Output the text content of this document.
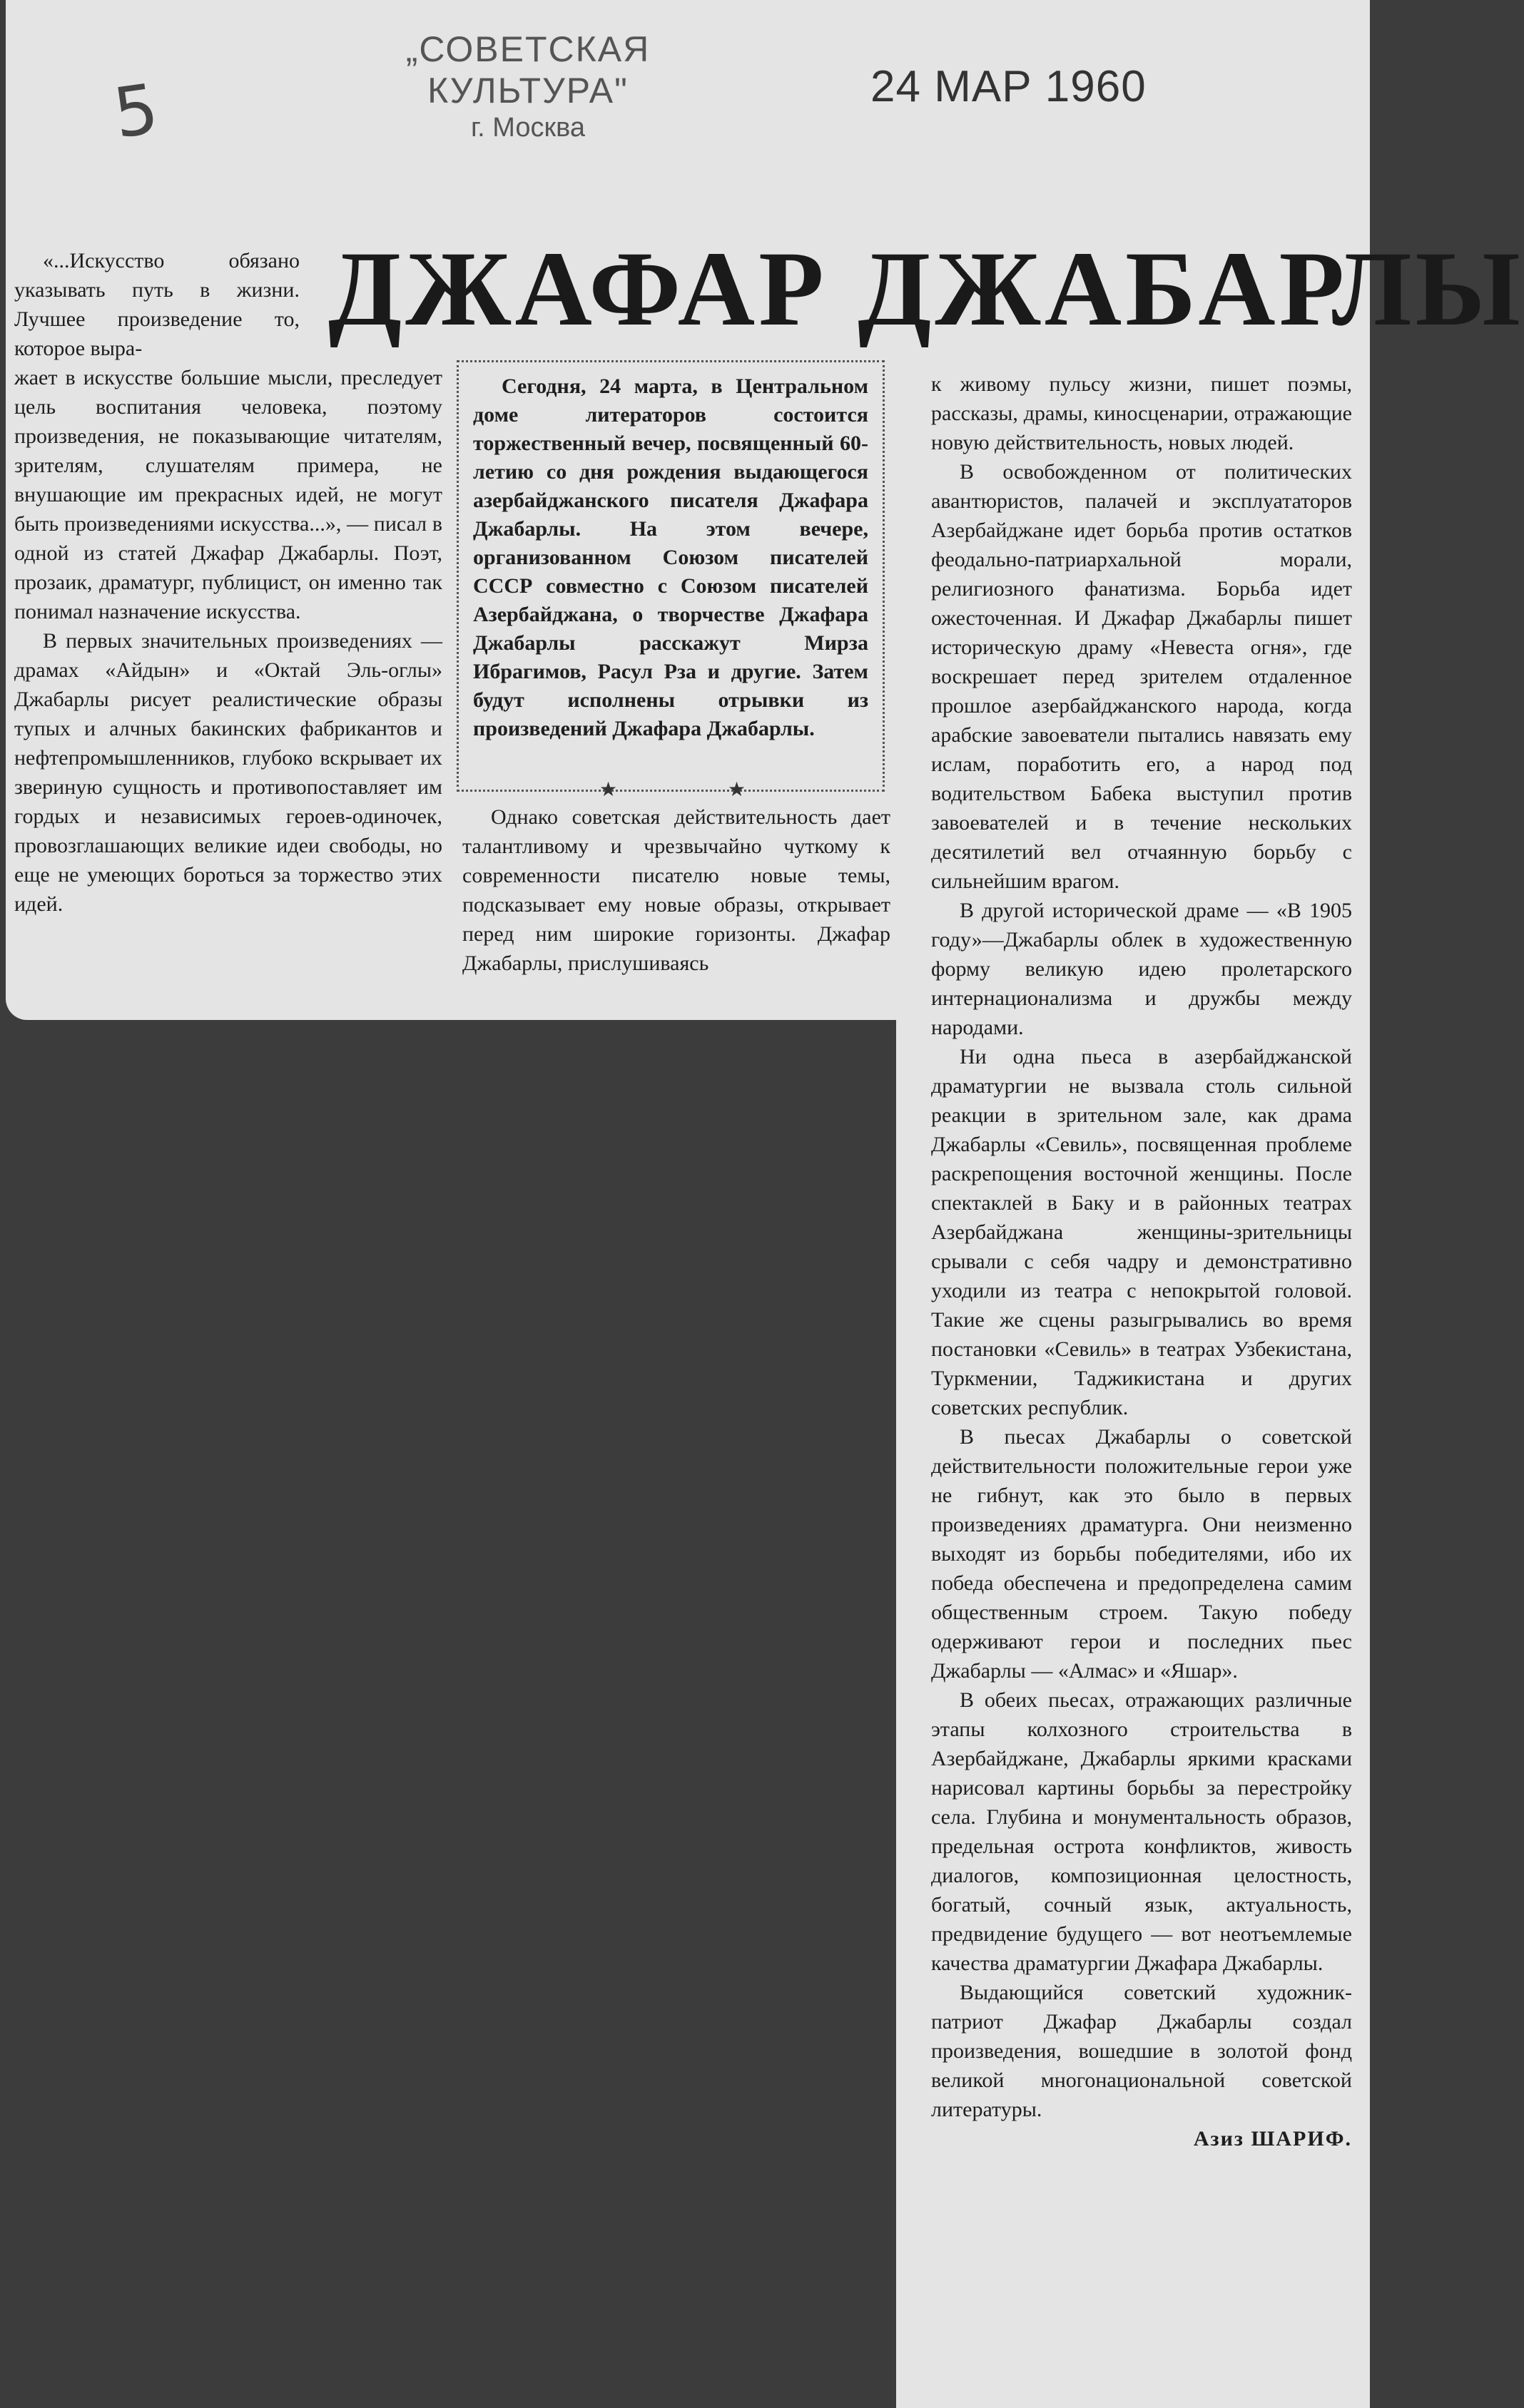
5
„СОВЕТСКАЯ КУЛЬТУРА"
г. Москва
24 МАР 1960
ДЖАФАР ДЖАБАРЛЫ

«...Искусство обязано указывать путь в жизни. Лучшее произведение то, которое выра-

жает в искусстве большие мысли, преследует цель воспитания человека, поэтому произведения, не показывающие читателям, зрителям, слушателям примера, не внушающие им прекрасных идей, не могут быть произведениями искусства...», — писал в одной из статей Джафар Джабарлы. Поэт, прозаик, драматург, публицист, он именно так понимал назначение искусства.

В первых значительных произведениях — драмах «Айдын» и «Октай Эль-оглы» Джабарлы рисует реалистические образы тупых и алчных бакинских фабрикантов и нефтепромышленников, глубоко вскрывает их звериную сущность и противопоставляет им гордых и независимых героев-одиночек, провозглашающих великие идеи свободы, но еще не умеющих бороться за торжество этих идей.

Сегодня, 24 марта, в Центральном доме литераторов состоится торжественный вечер, посвященный 60-летию со дня рождения выдающегося азербайджанского писателя Джафара Джабарлы. На этом вечере, организованном Союзом писателей СССР совместно с Союзом писателей Азербайджана, о творчестве Джафара Джабарлы расскажут Мирза Ибрагимов, Расул Рза и другие. Затем будут исполнены отрывки из произведений Джафара Джабарлы.

★	★

Однако советская действительность дает талантливому и чрезвычайно чуткому к современности писателю новые темы, подсказывает ему новые образы, открывает перед ним широкие горизонты. Джафар Джабарлы, прислушиваясь

к живому пульсу жизни, пишет поэмы, рассказы, драмы, киносценарии, отражающие новую действительность, новых людей.

В освобожденном от политических авантюристов, палачей и эксплуататоров Азербайджане идет борьба против остатков феодально-патриархальной морали, религиозного фанатизма. Борьба идет ожесточенная. И Джафар Джабарлы пишет историческую драму «Невеста огня», где воскрешает перед зрителем отдаленное прошлое азербайджанского народа, когда арабские завоеватели пытались навязать ему ислам, поработить его, а народ под водительством Бабека выступил против завоевателей и в течение нескольких десятилетий вел отчаянную борьбу с сильнейшим врагом.

В другой исторической драме — «В 1905 году»—Джабарлы облек в художественную форму великую идею пролетарского интернационализма и дружбы между народами.

Ни одна пьеса в азербайджанской драматургии не вызвала столь сильной реакции в зрительном зале, как драма Джабарлы «Севиль», посвященная проблеме раскрепощения восточной женщины. После спектаклей в Баку и в районных театрах Азербайджана женщины-зрительницы срывали с себя чадру и демонстративно уходили из театра с непокрытой головой. Такие же сцены разыгрывались во время постановки «Севиль» в театрах Узбекистана, Туркмении, Таджикистана и других советских республик.

В пьесах Джабарлы о советской действительности положительные герои уже не гибнут, как это было в первых произведениях драматурга. Они неизменно выходят из борьбы победителями, ибо их победа обеспечена и предопределена самим общественным строем. Такую победу одерживают герои и последних пьес Джабарлы — «Алмас» и «Яшар».

В обеих пьесах, отражающих различные этапы колхозного строительства в Азербайджане, Джабарлы яркими красками нарисовал картины борьбы за перестройку села. Глубина и монументальность образов, предельная острота конфликтов, живость диалогов, композиционная целостность, богатый, сочный язык, актуальность, предвидение будущего — вот неотъемлемые качества драматургии Джафара Джабарлы.

Выдающийся советский художник-патриот Джафар Джабарлы создал произведения, вошедшие в золотой фонд великой многонациональной советской литературы.

Азиз ШАРИФ.
